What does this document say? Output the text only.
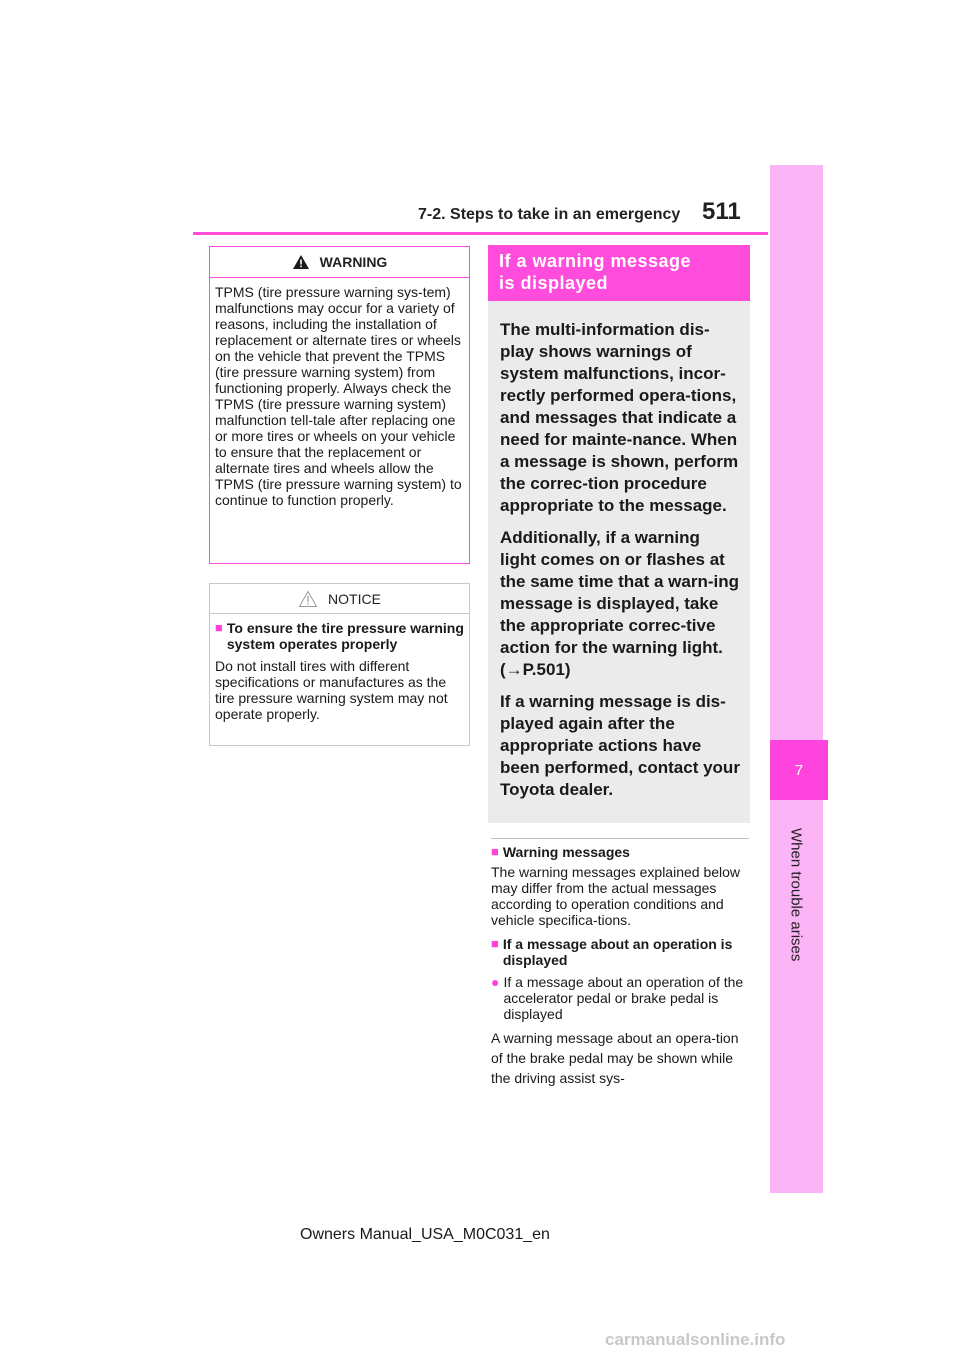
7
When trouble arises
7-2. Steps to take in an emergency 511
WARNING
TPMS (tire pressure warning sys-tem) malfunctions may occur for a variety of reasons, including the installation of replacement or alternate tires or wheels on the vehicle that prevent the TPMS (tire pressure warning system) from functioning properly. Always check the TPMS (tire pressure warning system) malfunction tell-tale after replacing one or more tires or wheels on your vehicle to ensure that the replacement or alternate tires and wheels allow the TPMS (tire pressure warning system) to continue to function properly.
NOTICE
■ To ensure the tire pressure warning system operates properly
Do not install tires with different specifications or manufactures as the tire pressure warning system may not operate properly.
If a warning message
is displayed

The multi-information dis-play shows warnings of system malfunctions, incor-rectly performed opera-tions, and messages that indicate a need for mainte-nance. When a message is shown, perform the correc-tion procedure appropriate to the message.

Additionally, if a warning light comes on or flashes at the same time that a warn-ing message is displayed, take the appropriate correc-tive action for the warning light. (→P.501)

If a warning message is dis-played again after the appropriate actions have been performed, contact your Toyota dealer.

■ Warning messages
The warning messages explained below may differ from the actual messages according to operation conditions and vehicle specifica-tions.
■ If a message about an operation is displayed
● If a message about an operation of the accelerator pedal or brake pedal is displayed
A warning message about an opera-tion of the brake pedal may be shown while the driving assist sys-
Owners Manual_USA_M0C031_en
carmanualsonline.info
